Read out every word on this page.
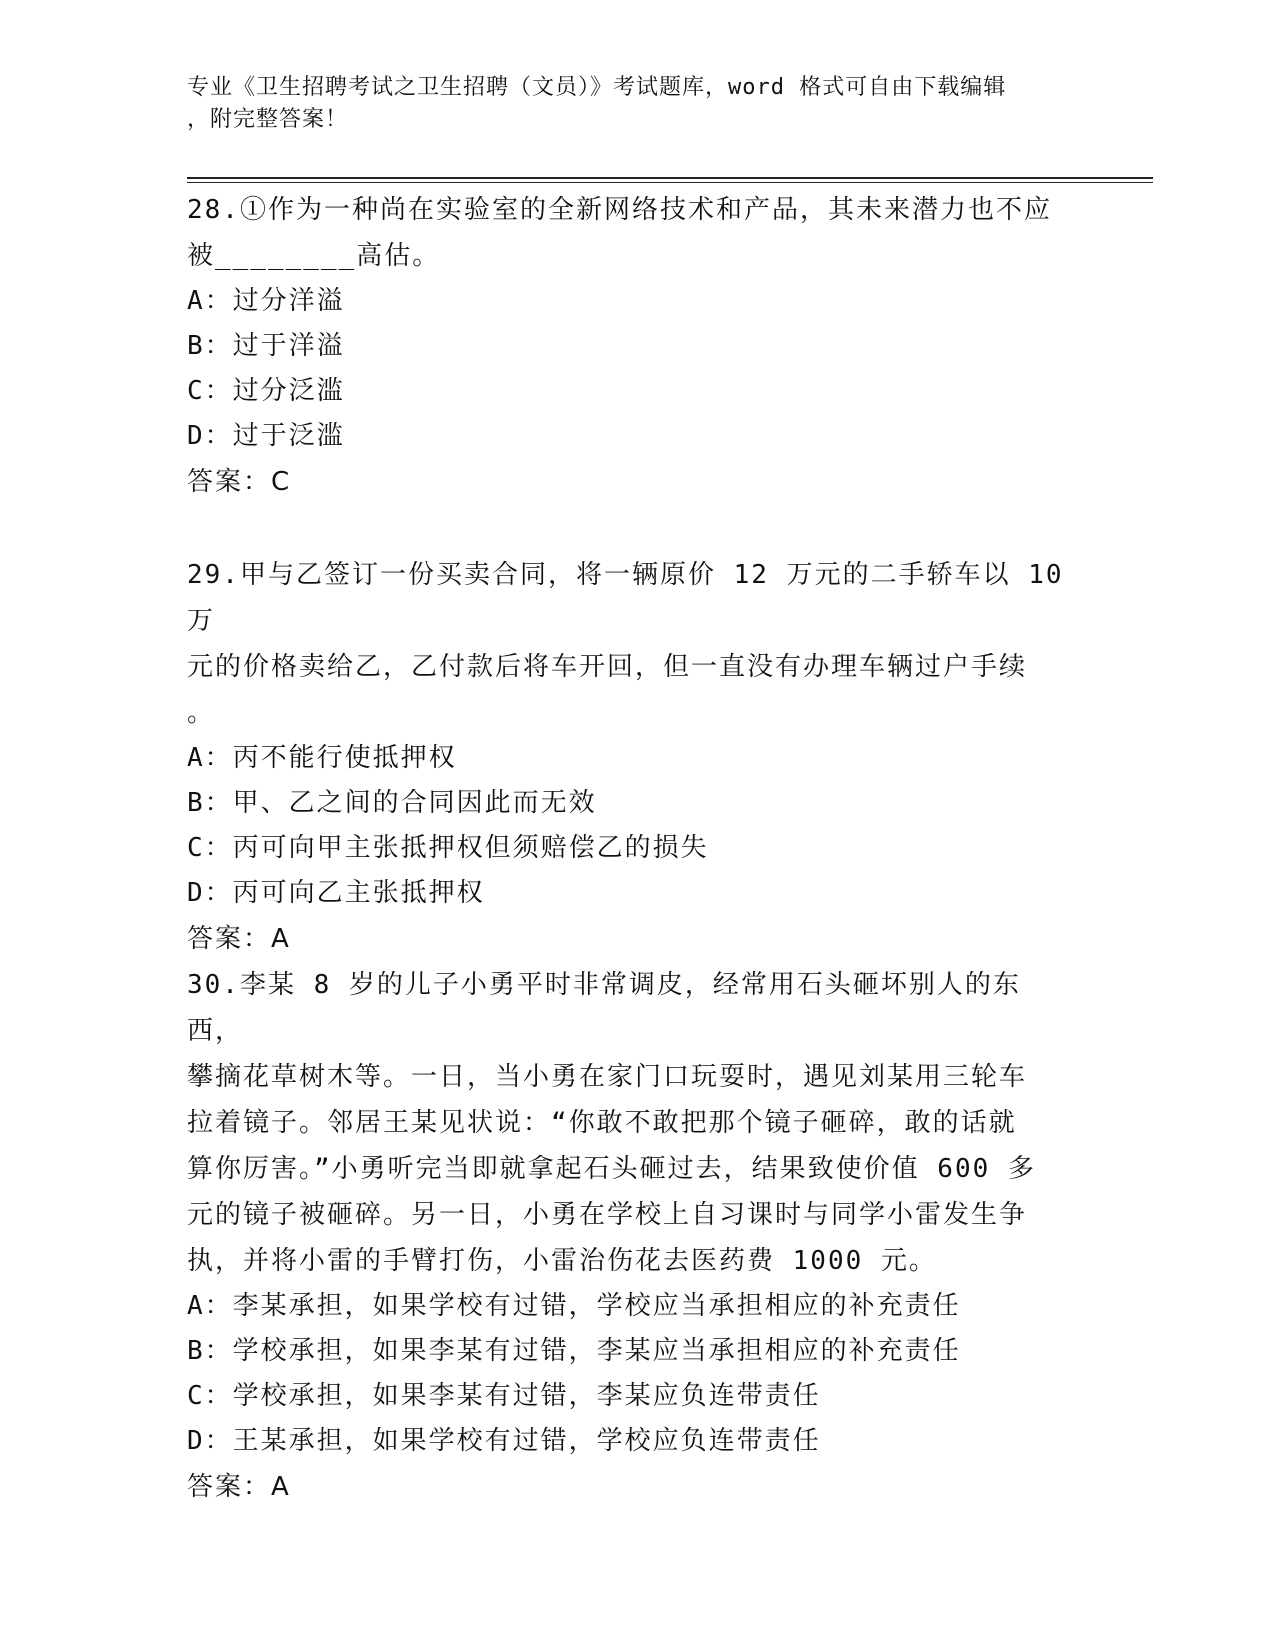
专业《卫生招聘考试之卫生招聘（文员）》考试题库，word 格式可自由下载编辑
，附完整答案！
28.①作为一种尚在实验室的全新网络技术和产品，其未来潜力也不应
被________高估。
A：过分洋溢
B：过于洋溢
C：过分泛滥
D：过于泛滥
答案：C
29.甲与乙签订一份买卖合同，将一辆原价 12 万元的二手轿车以 10 万
元的价格卖给乙，乙付款后将车开回，但一直没有办理车辆过户手续
。
A：丙不能行使抵押权
B：甲、乙之间的合同因此而无效
C：丙可向甲主张抵押权但须赔偿乙的损失
D：丙可向乙主张抵押权
答案：A
30.李某 8 岁的儿子小勇平时非常调皮，经常用石头砸坏别人的东西，
攀摘花草树木等。一日，当小勇在家门口玩耍时，遇见刘某用三轮车
拉着镜子。邻居王某见状说：“你敢不敢把那个镜子砸碎，敢的话就
算你厉害。”小勇听完当即就拿起石头砸过去，结果致使价值 600 多
元的镜子被砸碎。另一日，小勇在学校上自习课时与同学小雷发生争
执，并将小雷的手臂打伤，小雷治伤花去医药费 1000 元。
A：李某承担，如果学校有过错，学校应当承担相应的补充责任
B：学校承担，如果李某有过错，李某应当承担相应的补充责任
C：学校承担，如果李某有过错，李某应负连带责任
D：王某承担，如果学校有过错，学校应负连带责任
答案：A
